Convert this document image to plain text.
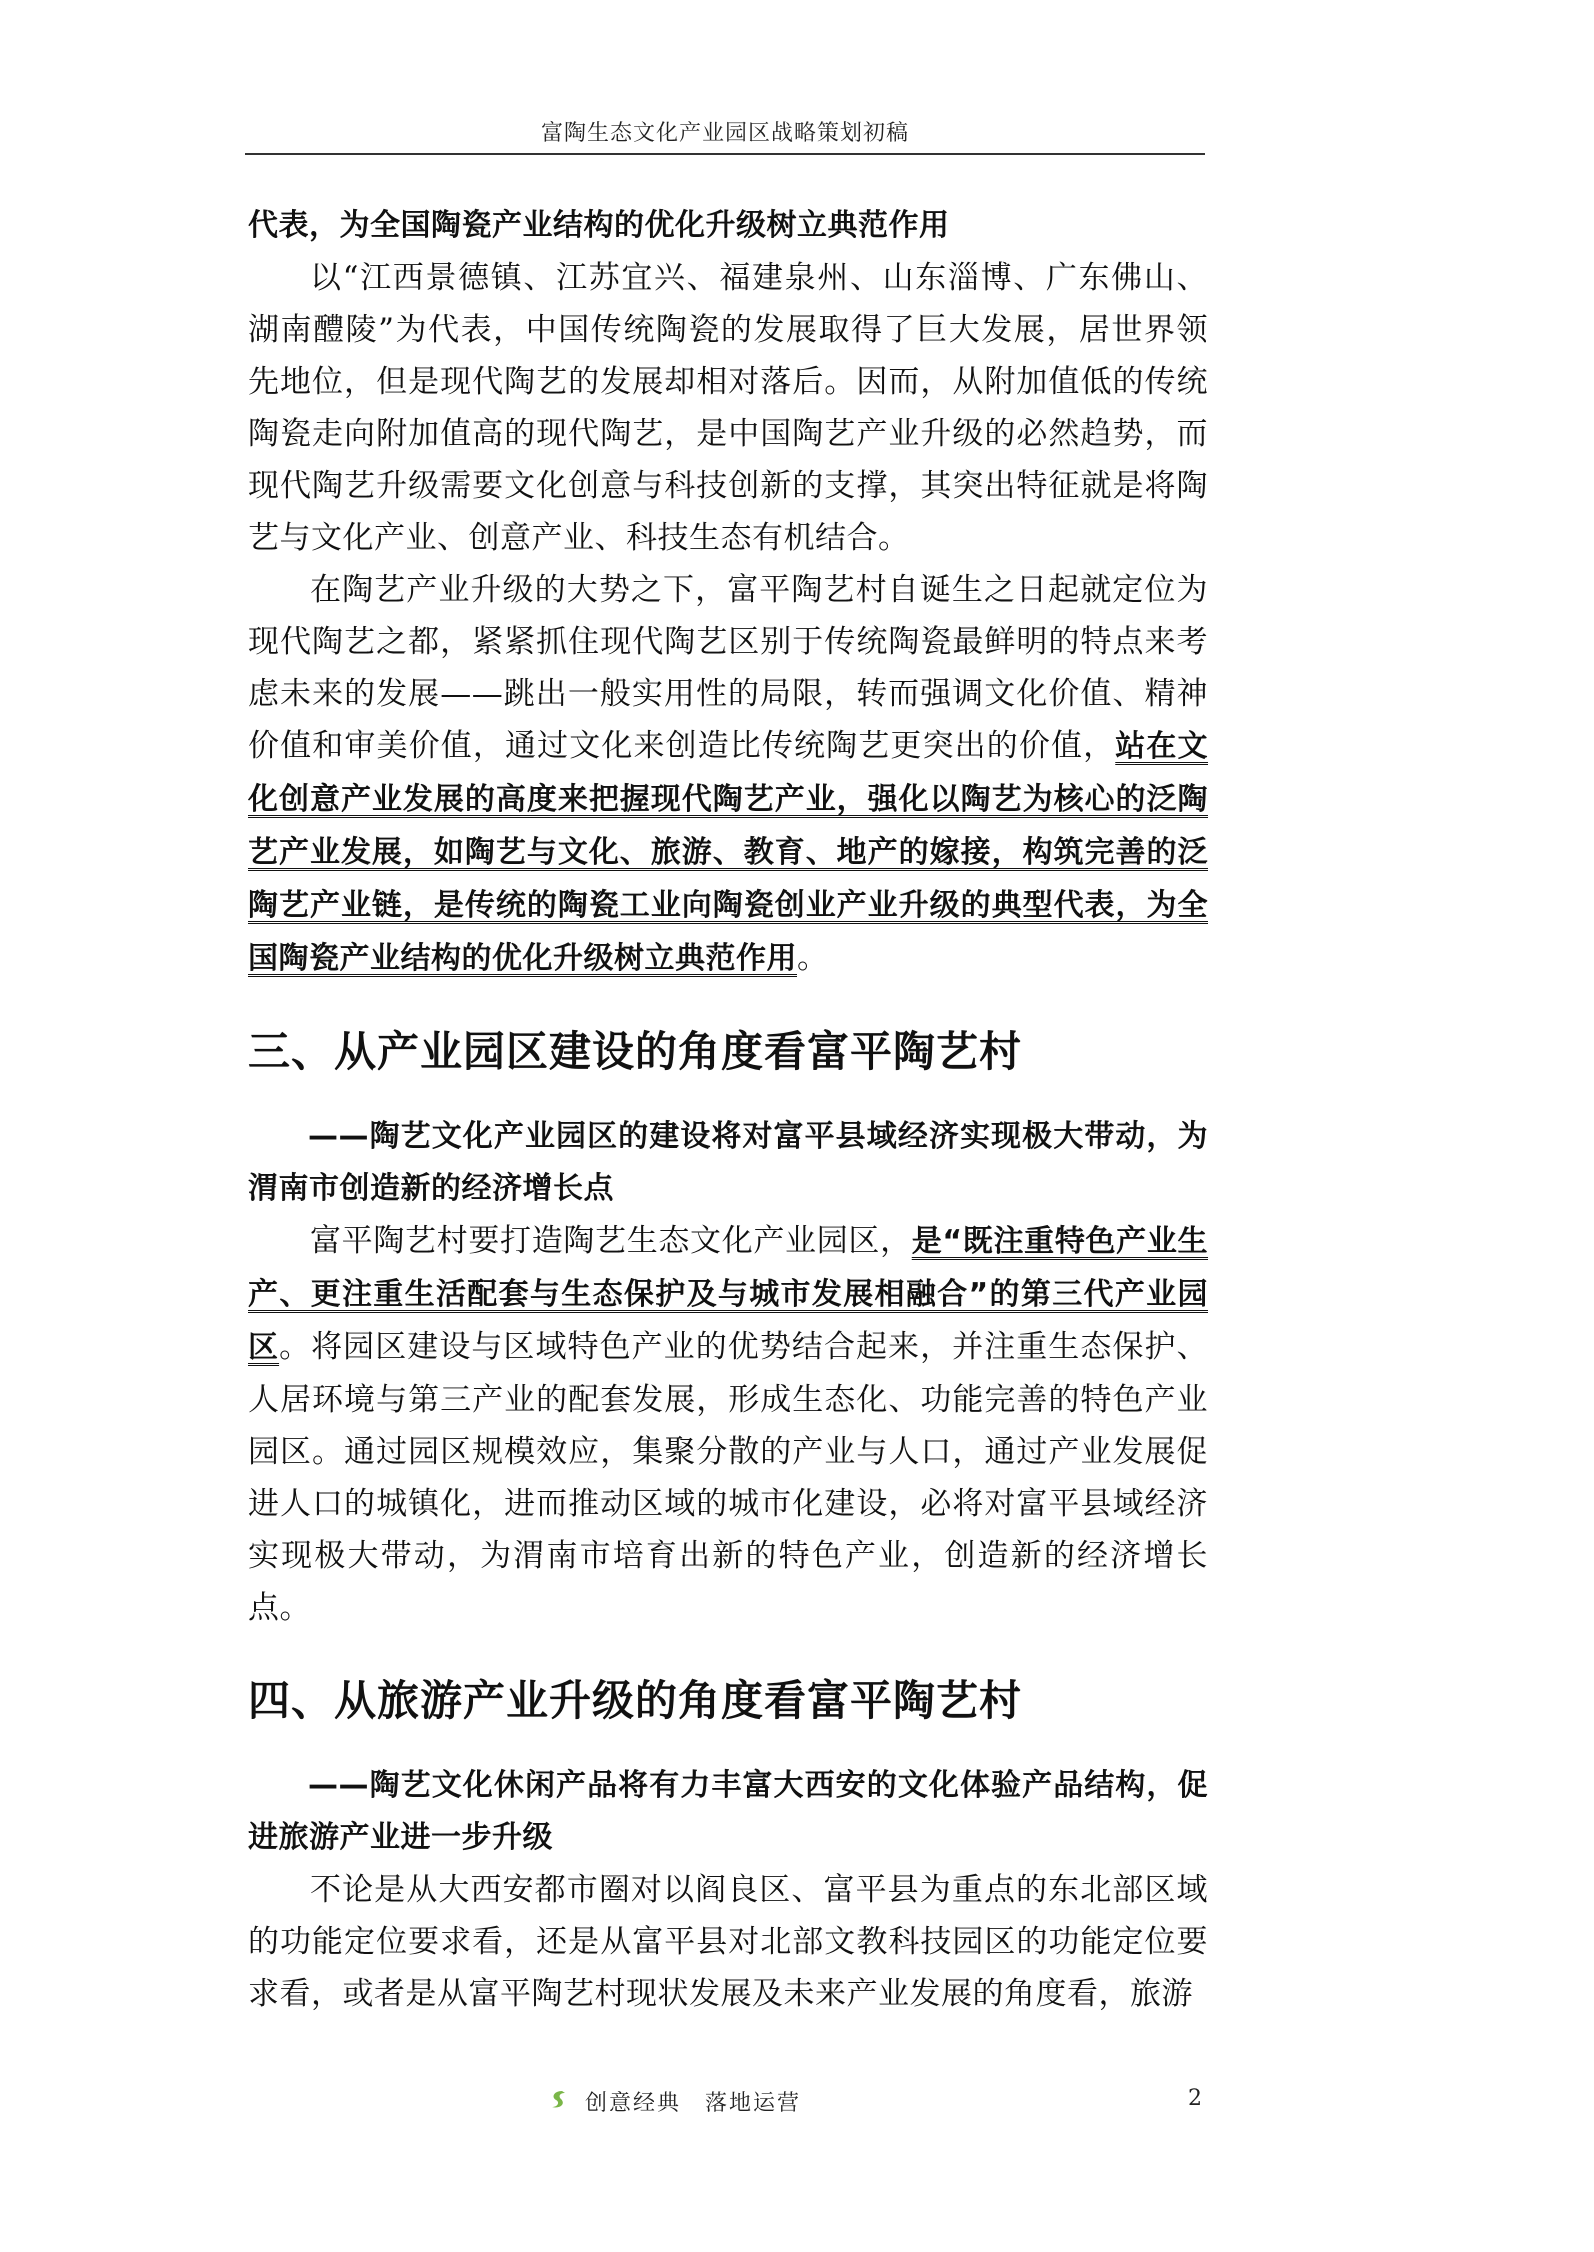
富陶生态文化产业园区战略策划初稿

代表，为全国陶瓷产业结构的优化升级树立典范作用

以“江西景德镇、江苏宜兴、福建泉州、山东淄博、广东佛山、湖南醴陵”为代表，中国传统陶瓷的发展取得了巨大发展，居世界领先地位，但是现代陶艺的发展却相对落后。因而，从附加值低的传统陶瓷走向附加值高的现代陶艺，是中国陶艺产业升级的必然趋势，而现代陶艺升级需要文化创意与科技创新的支撑，其突出特征就是将陶艺与文化产业、创意产业、科技生态有机结合。

在陶艺产业升级的大势之下，富平陶艺村自诞生之日起就定位为现代陶艺之都，紧紧抓住现代陶艺区别于传统陶瓷最鲜明的特点来考虑未来的发展——跳出一般实用性的局限，转而强调文化价值、精神价值和审美价值，通过文化来创造比传统陶艺更突出的价值，站在文化创意产业发展的高度来把握现代陶艺产业，强化以陶艺为核心的泛陶艺产业发展，如陶艺与文化、旅游、教育、地产的嫁接，构筑完善的泛陶艺产业链，是传统的陶瓷工业向陶瓷创业产业升级的典型代表，为全国陶瓷产业结构的优化升级树立典范作用。

三、从产业园区建设的角度看富平陶艺村

——陶艺文化产业园区的建设将对富平县域经济实现极大带动，为渭南市创造新的经济增长点

富平陶艺村要打造陶艺生态文化产业园区，是“既注重特色产业生产、更注重生活配套与生态保护及与城市发展相融合”的第三代产业园区。将园区建设与区域特色产业的优势结合起来，并注重生态保护、人居环境与第三产业的配套发展，形成生态化、功能完善的特色产业园区。通过园区规模效应，集聚分散的产业与人口，通过产业发展促进人口的城镇化，进而推动区域的城市化建设，必将对富平县域经济实现极大带动，为渭南市培育出新的特色产业，创造新的经济增长点。

四、从旅游产业升级的角度看富平陶艺村

——陶艺文化休闲产品将有力丰富大西安的文化体验产品结构，促进旅游产业进一步升级

不论是从大西安都市圈对以阎良区、富平县为重点的东北部区域的功能定位要求看，还是从富平县对北部文教科技园区的功能定位要求看，或者是从富平陶艺村现状发展及未来产业发展的角度看，旅游

创意经典　落地运营	2
